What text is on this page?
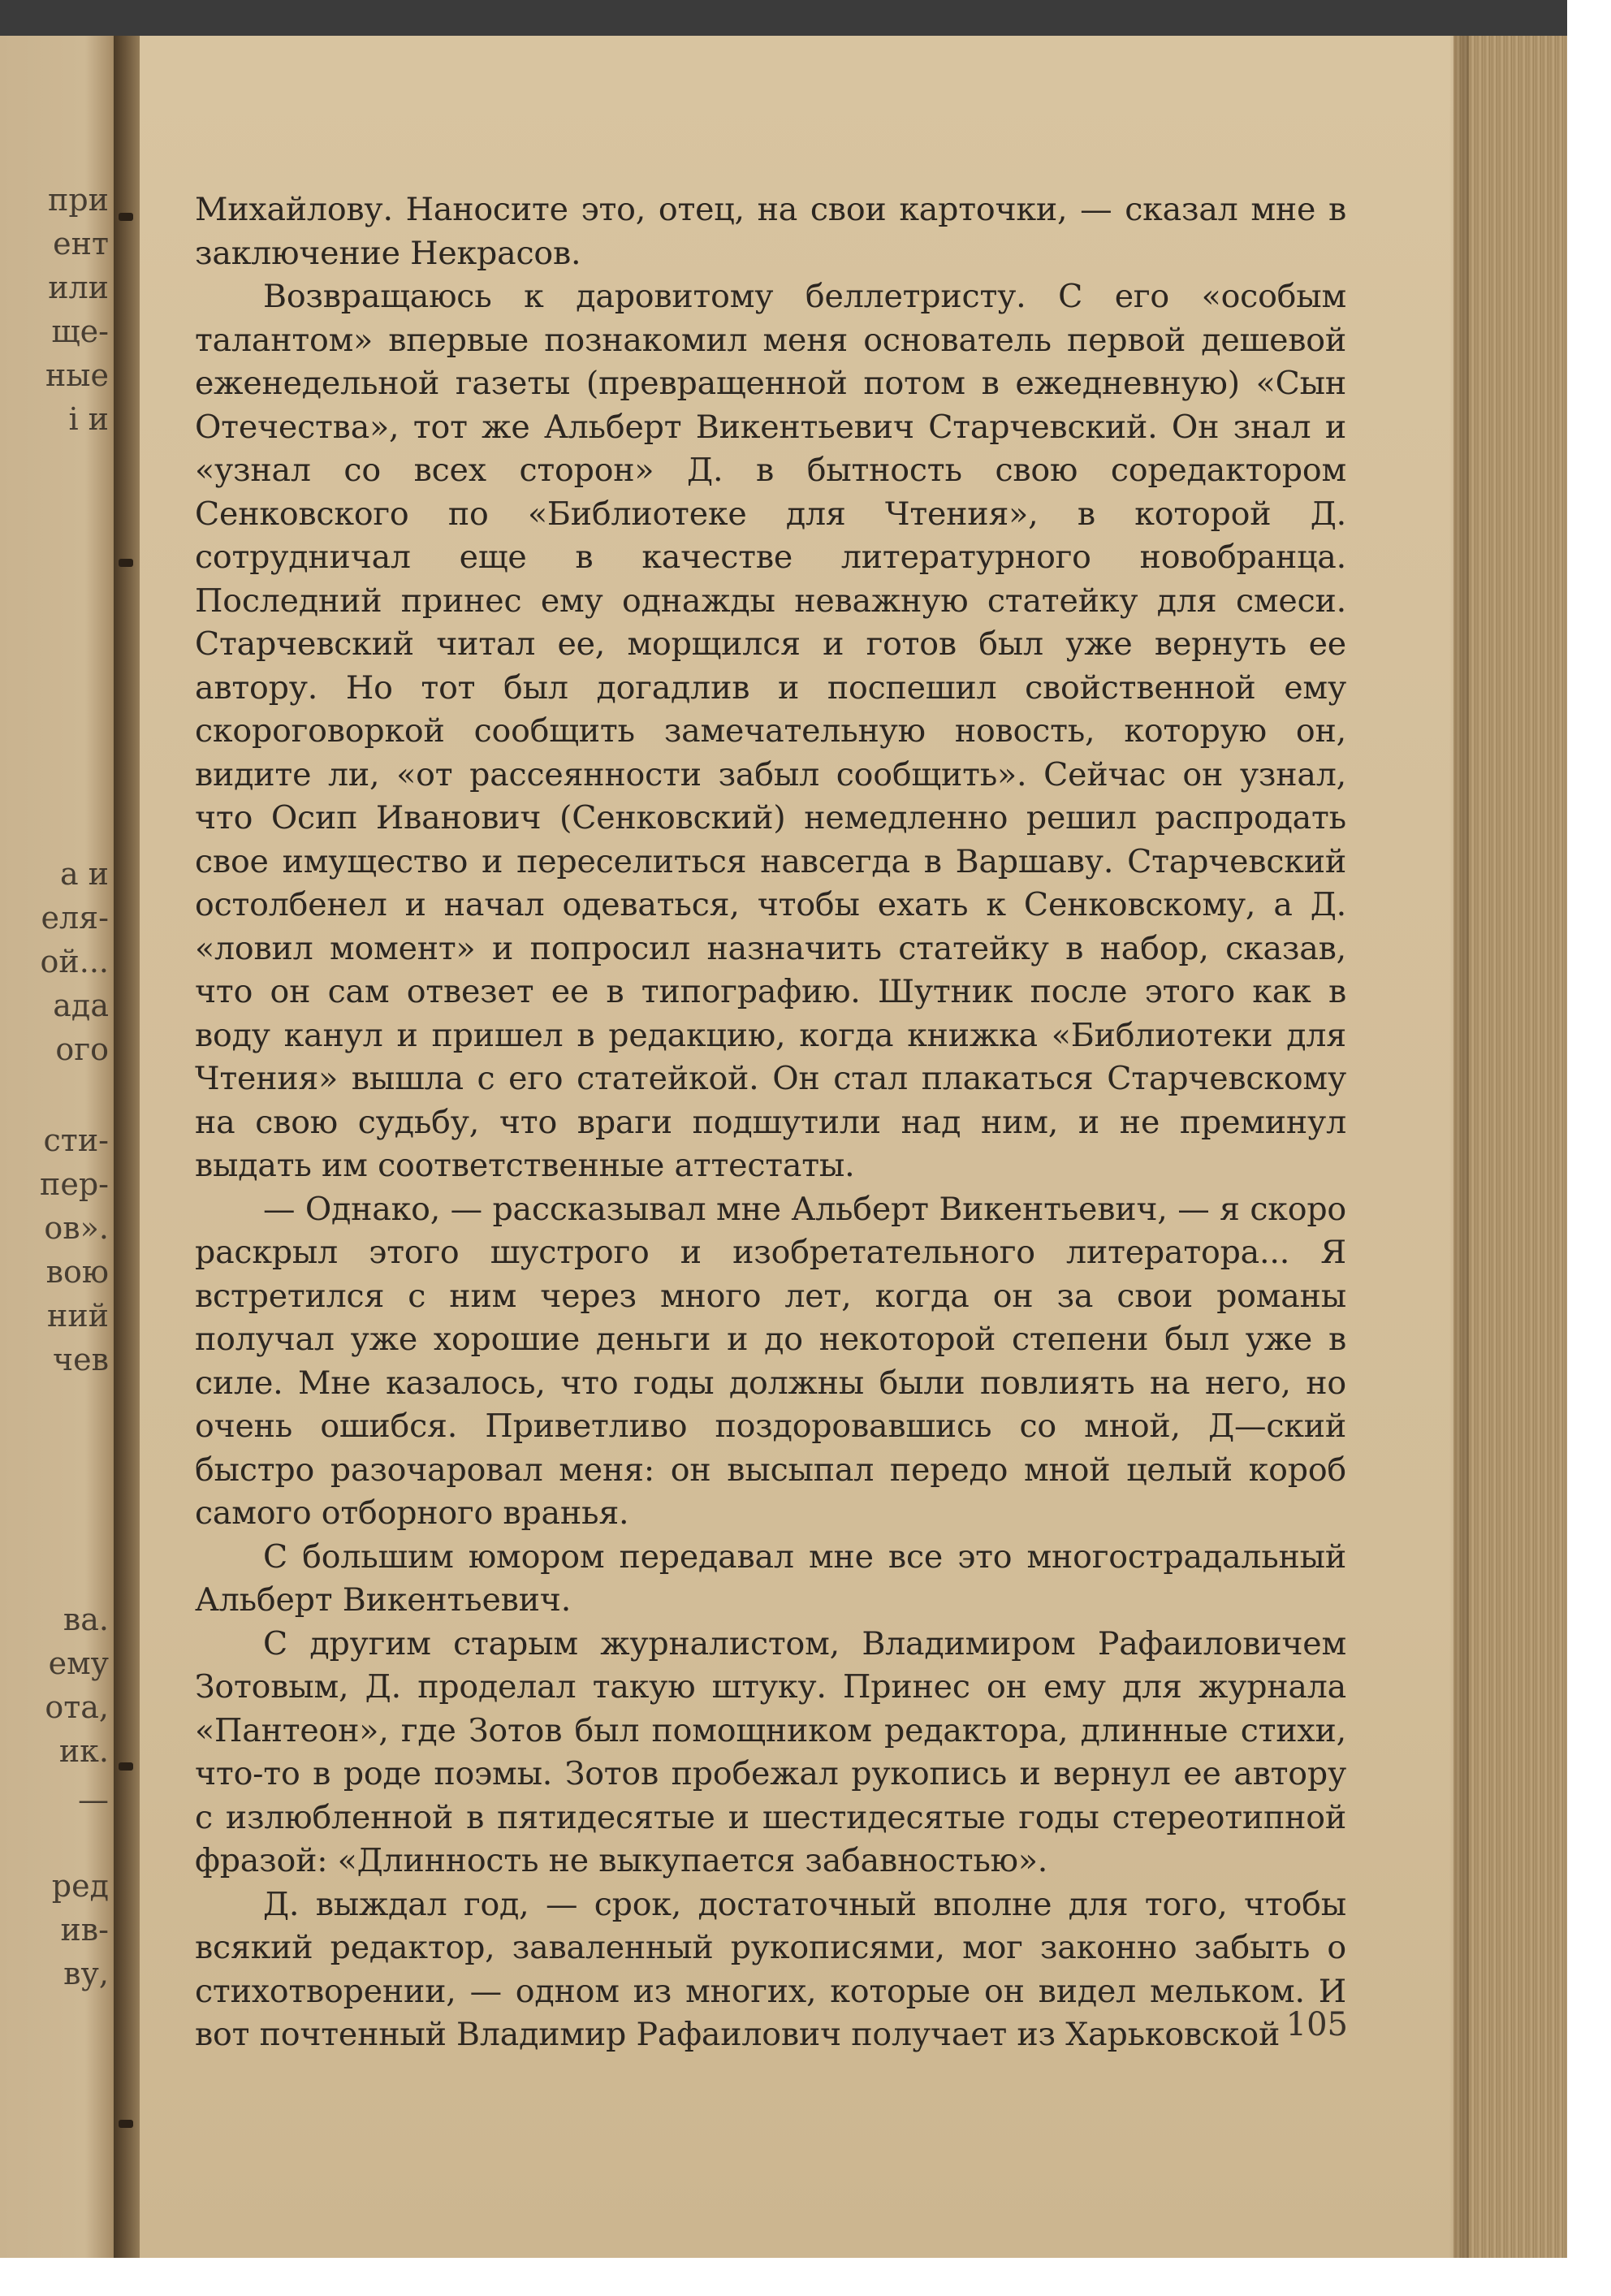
при
ент
или
ще-
ные
і и
а и
еля-
ой...
ада
ого
сти-
пер-
ов».
вою
ний
чев
ва.
ему
ота,
ик.
—
ред
ив-
ву,

Михайлову. Наносите это, отец, на свои карточки, — сказал мне в заключение Некрасов.

Возвращаюсь к даровитому беллетристу. С его «особым талантом» впервые познакомил меня основатель первой дешевой еженедельной газеты (превращенной потом в ежедневную) «Сын Отечества», тот же Альберт Викентьевич Старчевский. Он знал и «узнал со всех сторон» Д. в бытность свою соредактором Сенковского по «Библиотеке для Чтения», в которой Д. сотрудничал еще в качестве литературного новобранца. Последний принес ему однажды неважную статейку для смеси. Старчевский читал ее, морщился и готов был уже вернуть ее автору. Но тот был догадлив и поспешил свойственной ему скороговоркой сообщить замечательную новость, которую он, видите ли, «от рассеянности забыл сообщить». Сейчас он узнал, что Осип Иванович (Сенковский) немедленно решил распродать свое имущество и переселиться навсегда в Варшаву. Старчевский остолбенел и начал одеваться, чтобы ехать к Сенковскому, а Д. «ловил момент» и попросил назначить статейку в набор, сказав, что он сам отвезет ее в типографию. Шутник после этого как в воду канул и пришел в редакцию, когда книжка «Библиотеки для Чтения» вышла с его статейкой. Он стал плакаться Старчевскому на свою судьбу, что враги подшутили над ним, и не преминул выдать им соответственные аттестаты.

— Однако, — рассказывал мне Альберт Викентьевич, — я скоро раскрыл этого шустрого и изобретательного литератора... Я встретился с ним через много лет, когда он за свои романы получал уже хорошие деньги и до некоторой степени был уже в силе. Мне казалось, что годы должны были повлиять на него, но очень ошибся. Приветливо поздоровавшись со мной, Д—ский быстро разочаровал меня: он высыпал передо мной целый короб самого отборного вранья.

С большим юмором передавал мне все это многострадальный Альберт Викентьевич.

С другим старым журналистом, Владимиром Рафаиловичем Зотовым, Д. проделал такую штуку. Принес он ему для журнала «Пантеон», где Зотов был помощником редактора, длинные стихи, что-то в роде поэмы. Зотов пробежал рукопись и вернул ее автору с излюбленной в пятидесятые и шестидесятые годы стереотипной фразой: «Длинность не выкупается забавностью».

Д. выждал год, — срок, достаточный вполне для того, чтобы всякий редактор, заваленный рукописями, мог законно забыть о стихотворении, — одном из многих, которые он видел мельком. И вот почтенный Владимир Рафаилович получает из Харьковской 105
